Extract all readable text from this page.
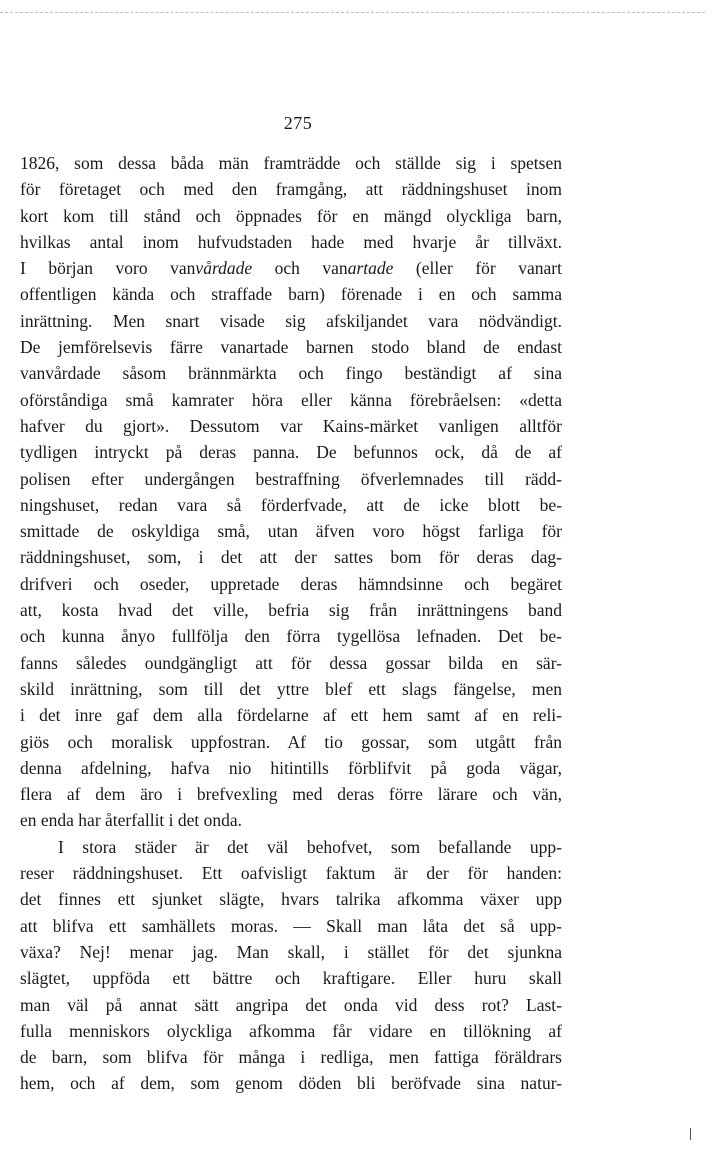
275
1826, som dessa båda män framträdde och ställde sig i spetsen
för företaget och med den framgång, att räddningshuset inom
kort kom till stånd och öppnades för en mängd olyckliga barn,
hvilkas antal inom hufvudstaden hade med hvarje år tillväxt.
I början voro vanvårdade och vanartade (eller för vanart
offentligen kända och straffade barn) förenade i en och samma
inrättning. Men snart visade sig afskiljandet vara nödvändigt.
De jemförelsevis färre vanartade barnen stodo bland de endast
vanvårdade såsom brännmärkta och fingo beständigt af sina
oförståndiga små kamrater höra eller känna förebråelsen: «detta
hafver du gjort». Dessutom var Kains-märket vanligen alltför
tydligen intryckt på deras panna. De befunnos ock, då de af
polisen efter undergången bestraffning öfverlemnades till rädd-
ningshuset, redan vara så förderfvade, att de icke blott be-
smittade de oskyldiga små, utan äfven voro högst farliga för
räddningshuset, som, i det att der sattes bom för deras dag-
drifveri och oseder, uppretade deras hämndsinne och begäret
att, kosta hvad det ville, befria sig från inrättningens band
och kunna ånyo fullfölja den förra tygellösa lefnaden. Det be-
fanns således oundgängligt att för dessa gossar bilda en sär-
skild inrättning, som till det yttre blef ett slags fängelse, men
i det inre gaf dem alla fördelarne af ett hem samt af en reli-
giös och moralisk uppfostran. Af tio gossar, som utgått från
denna afdelning, hafva nio hitintills förblifvit på goda vägar,
flera af dem äro i brefvexling med deras förre lärare och vän,
en enda har återfallit i det onda.
I stora städer är det väl behofvet, som befallande upp-
reser räddningshuset. Ett oafvisligt faktum är der för handen:
det finnes ett sjunket slägte, hvars talrika afkomma växer upp
att blifva ett samhällets moras. — Skall man låta det så upp-
växa? Nej! menar jag. Man skall, i stället för det sjunkna
slägtet, uppföda ett bättre och kraftigare. Eller huru skall
man väl på annat sätt angripa det onda vid dess rot? Last-
fulla menniskors olyckliga afkomma får vidare en tillökning af
de barn, som blifva för många i redliga, men fattiga föräldrars
hem, och af dem, som genom döden bli beröfvade sina natur-
